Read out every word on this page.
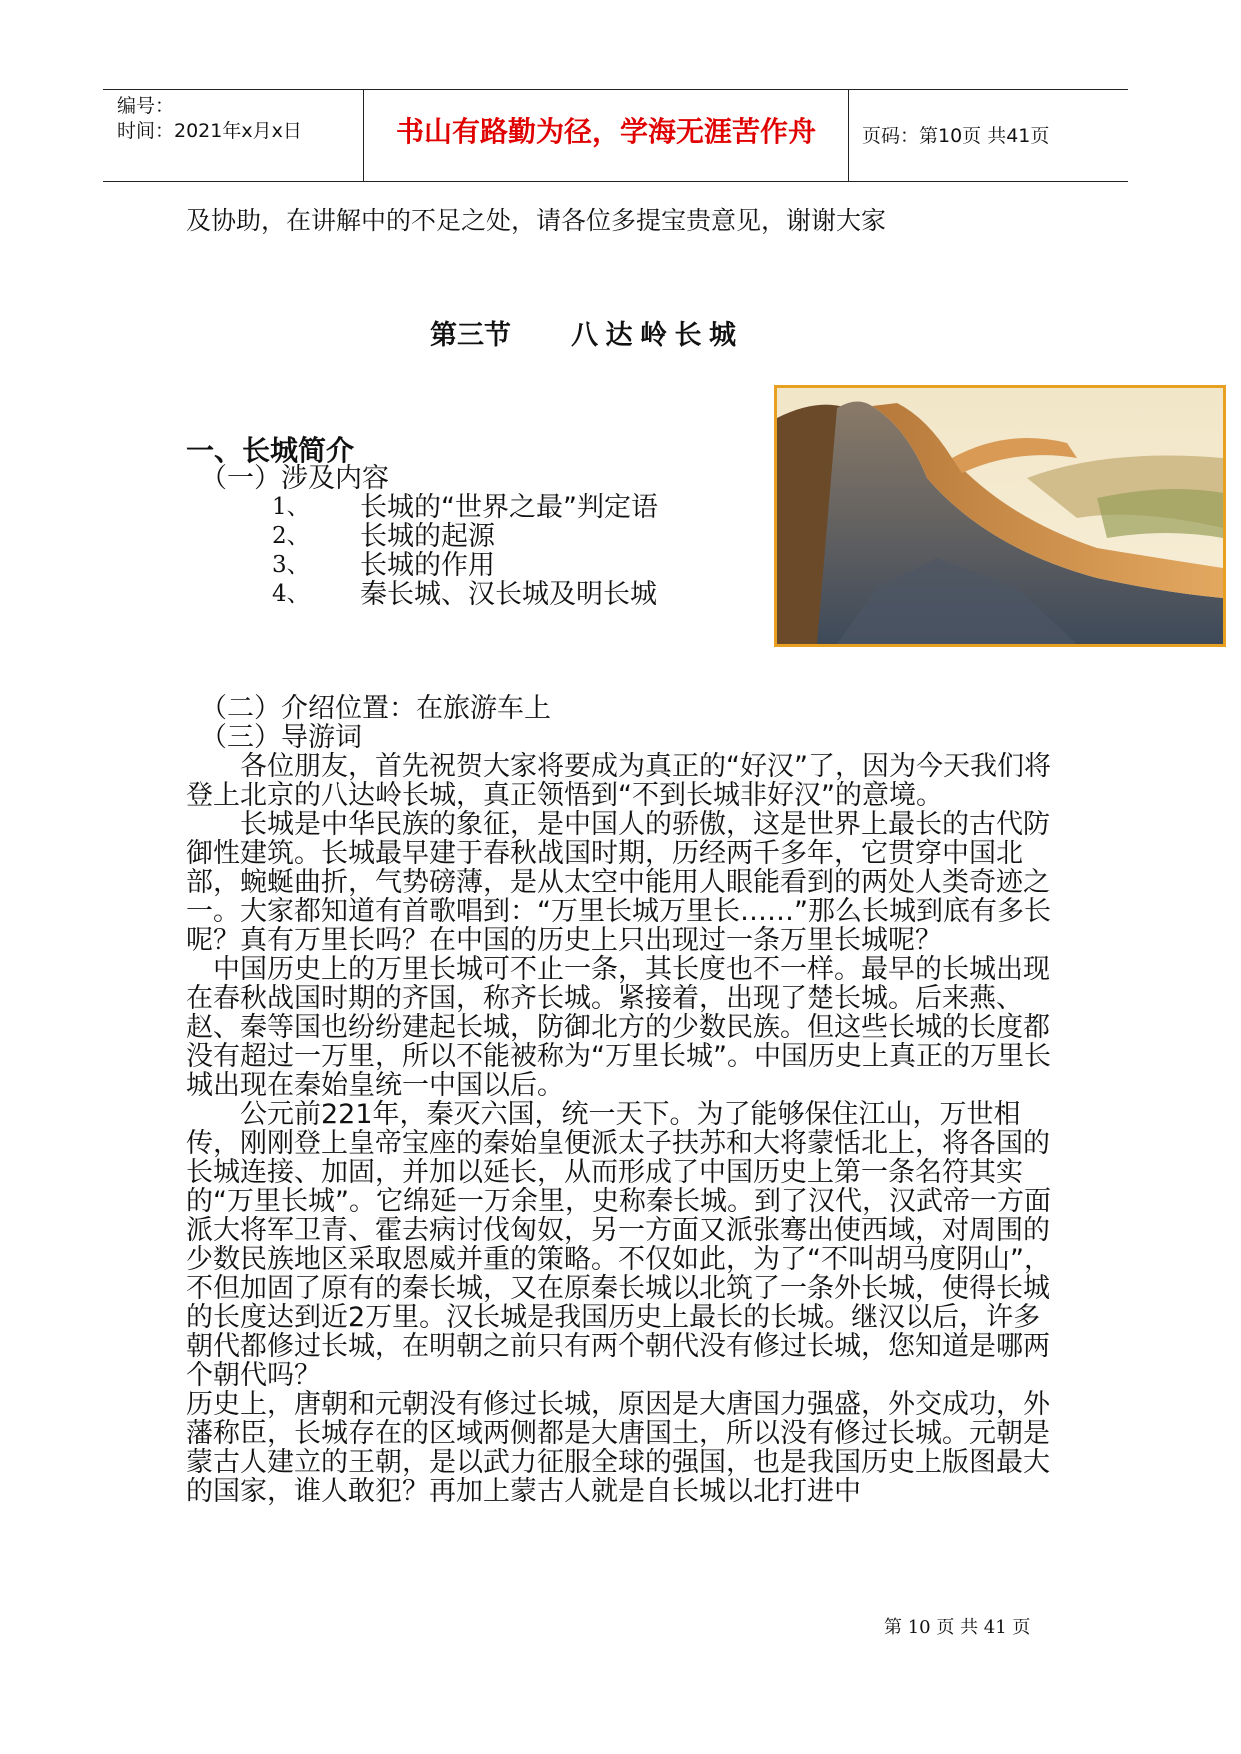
编号：
时间：2021年x月x日	书山有路勤为径，学海无涯苦作舟	页码：第10页 共41页
及协助，在讲解中的不足之处，请各位多提宝贵意见，谢谢大家
第三节        八 达 岭 长 城
一、长城简介
（一）涉及内容
1、	长城的“世界之最”判定语
2、	长城的起源
3、	长城的作用
4、	秦长城、汉长城及明长城
（二）介绍位置：在旅游车上
（三）导游词

　　各位朋友，首先祝贺大家将要成为真正的“好汉”了，因为今天我们将登上北京的八达岭长城，真正领悟到“不到长城非好汉”的意境。

　　长城是中华民族的象征，是中国人的骄傲，这是世界上最长的古代防御性建筑。长城最早建于春秋战国时期，历经两千多年，它贯穿中国北部，蜿蜒曲折，气势磅薄，是从太空中能用人眼能看到的两处人类奇迹之一。大家都知道有首歌唱到：“万里长城万里长……”那么长城到底有多长呢？真有万里长吗？在中国的历史上只出现过一条万里长城呢？

　中国历史上的万里长城可不止一条，其长度也不一样。最早的长城出现在春秋战国时期的齐国，称齐长城。紧接着，出现了楚长城。后来燕、赵、秦等国也纷纷建起长城，防御北方的少数民族。但这些长城的长度都没有超过一万里，所以不能被称为“万里长城”。中国历史上真正的万里长城出现在秦始皇统一中国以后。

　　公元前221年，秦灭六国，统一天下。为了能够保住江山，万世相传，刚刚登上皇帝宝座的秦始皇便派太子扶苏和大将蒙恬北上，将各国的长城连接、加固，并加以延长，从而形成了中国历史上第一条名符其实的“万里长城”。它绵延一万余里，史称秦长城。到了汉代，汉武帝一方面派大将军卫青、霍去病讨伐匈奴，另一方面又派张骞出使西域，对周围的少数民族地区采取恩威并重的策略。不仅如此，为了“不叫胡马度阴山”，不但加固了原有的秦长城，又在原秦长城以北筑了一条外长城，使得长城的长度达到近2万里。汉长城是我国历史上最长的长城。继汉以后，许多朝代都修过长城，在明朝之前只有两个朝代没有修过长城，您知道是哪两个朝代吗？

历史上，唐朝和元朝没有修过长城，原因是大唐国力强盛，外交成功，外藩称臣，长城存在的区域两侧都是大唐国土，所以没有修过长城。元朝是蒙古人建立的王朝，是以武力征服全球的强国，也是我国历史上版图最大的国家，谁人敢犯？再加上蒙古人就是自长城以北打进中

第 10 页 共 41 页
